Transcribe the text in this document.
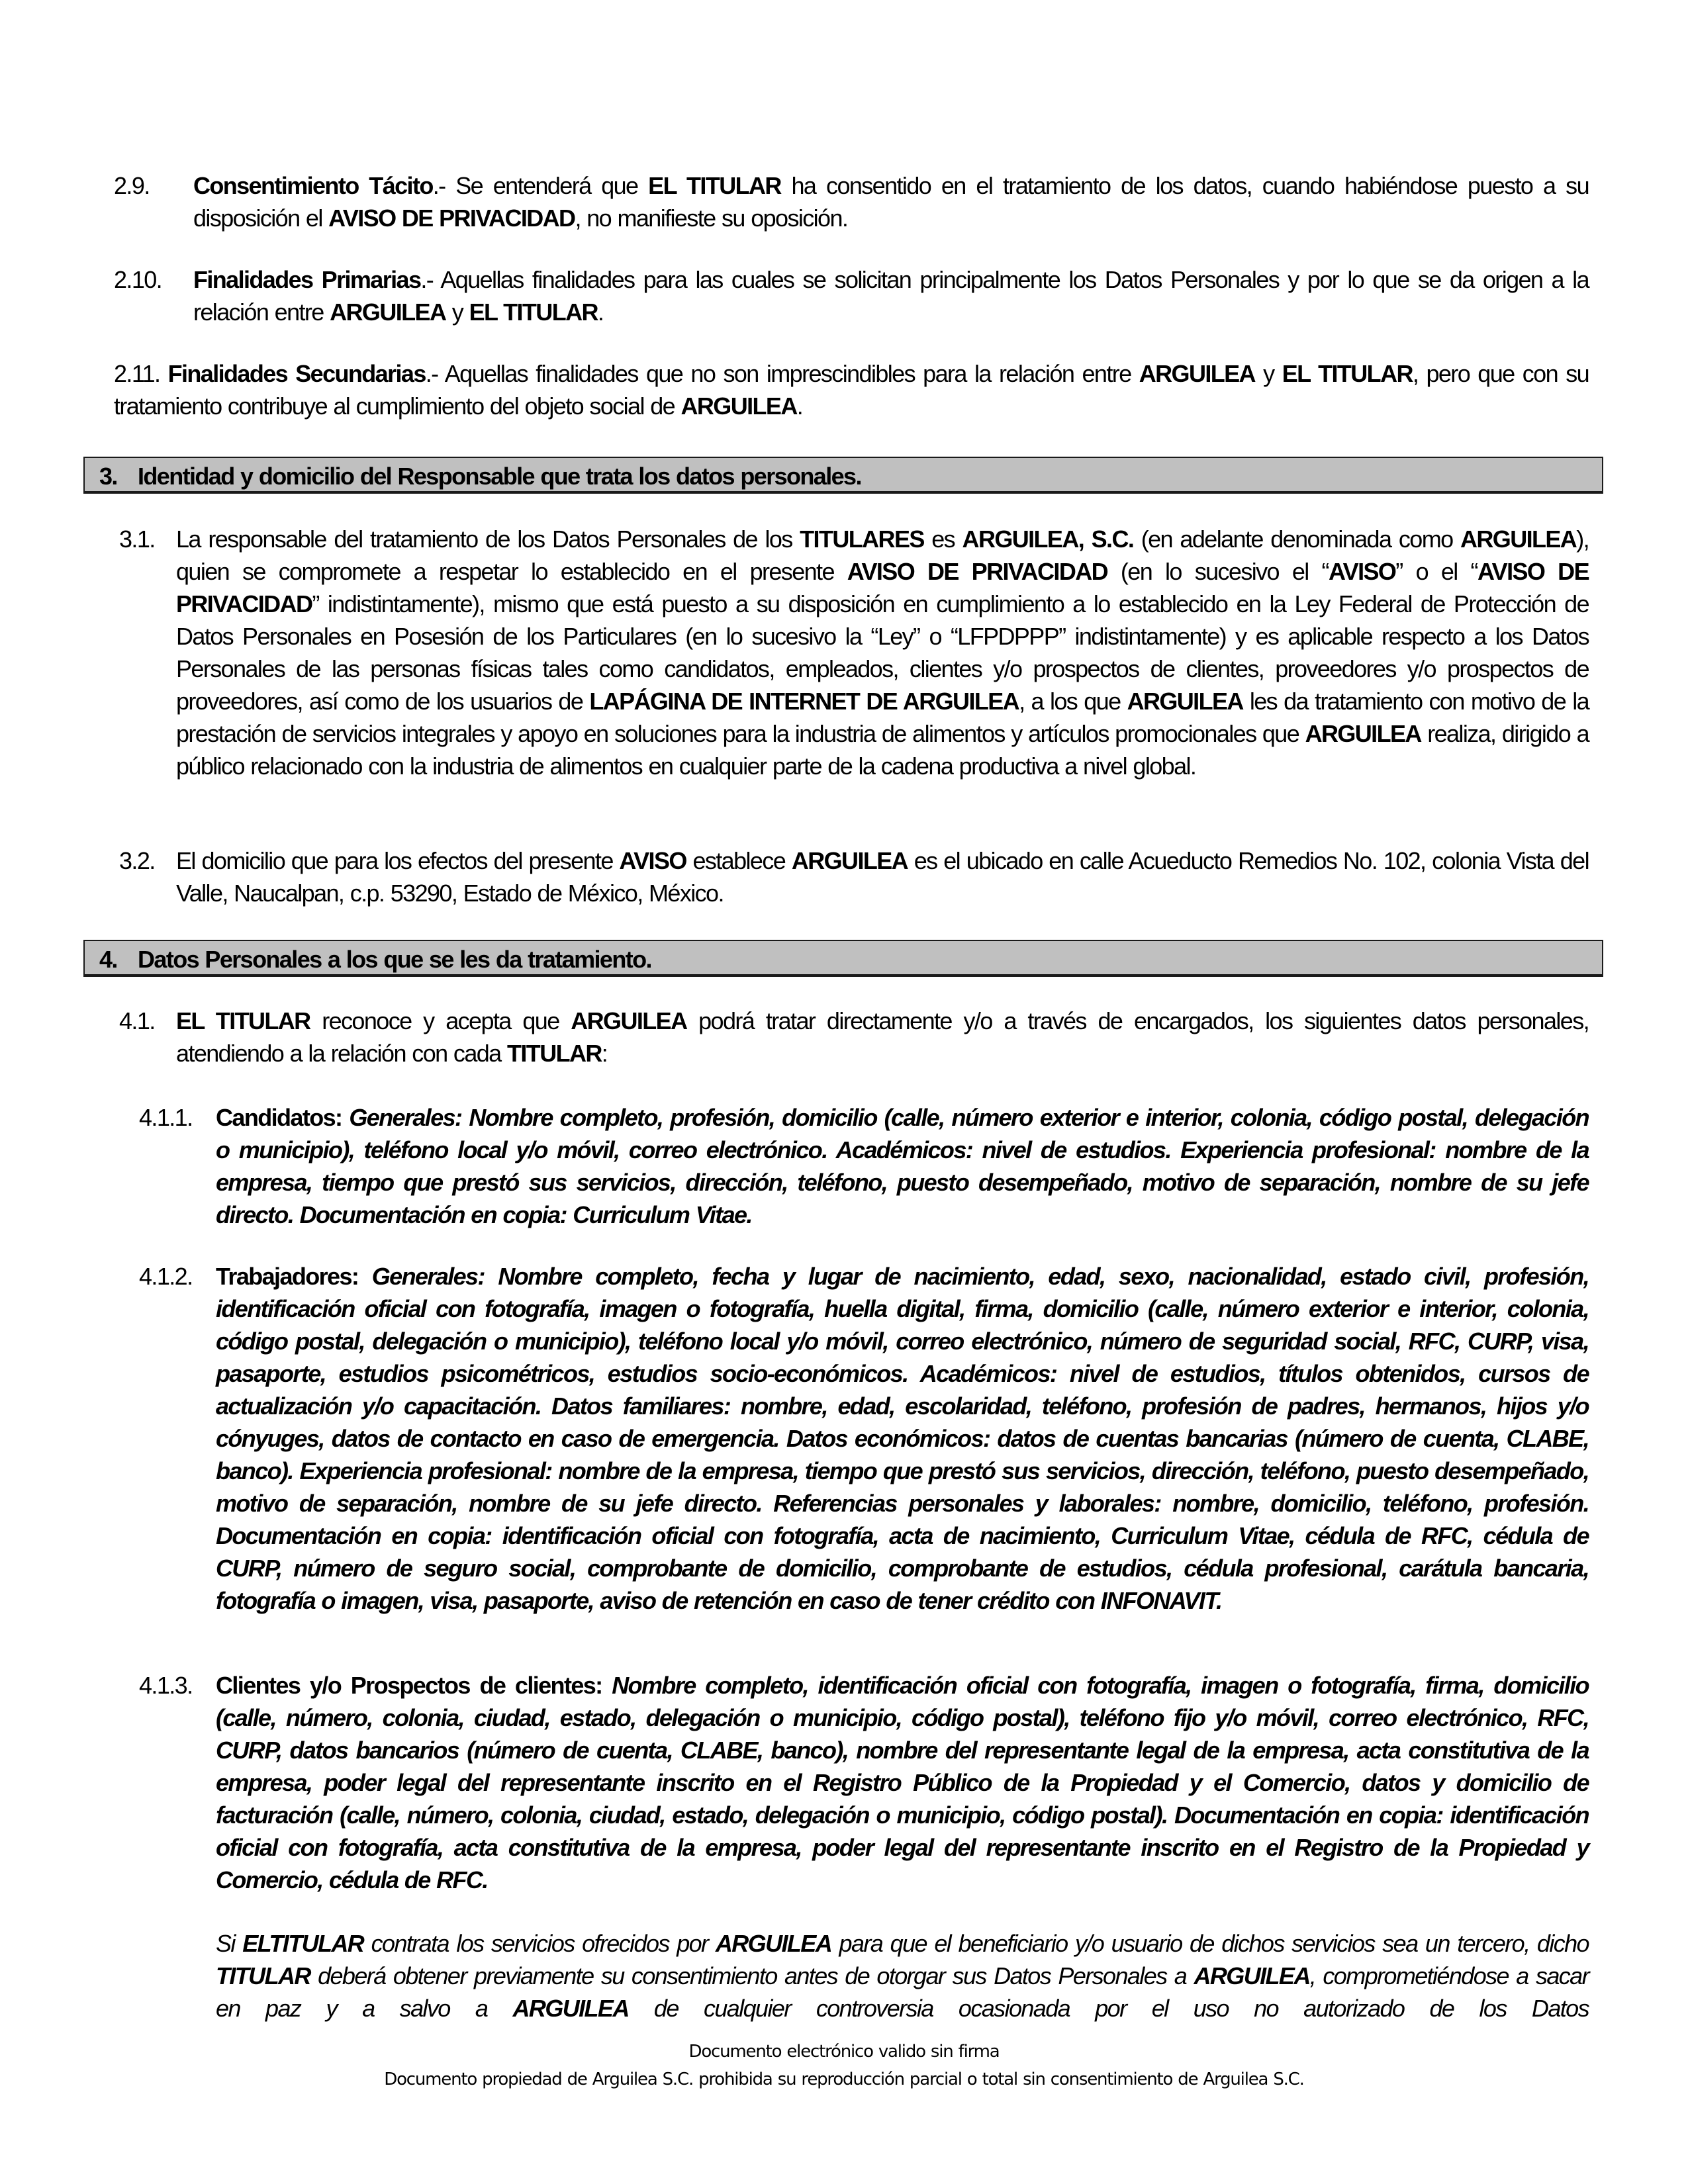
2.9. Consentimiento Tácito.- Se entenderá que EL TITULAR ha consentido en el tratamiento de los datos, cuando habiéndose puesto a su disposición el AVISO DE PRIVACIDAD, no manifieste su oposición.
2.10. Finalidades Primarias.- Aquellas finalidades para las cuales se solicitan principalmente los Datos Personales y por lo que se da origen a la relación entre ARGUILEA y EL TITULAR.
2.11. Finalidades Secundarias.- Aquellas finalidades que no son imprescindibles para la relación entre ARGUILEA y EL TITULAR, pero que con su tratamiento contribuye al cumplimiento del objeto social de ARGUILEA.
3. Identidad y domicilio del Responsable que trata los datos personales.
3.1. La responsable del tratamiento de los Datos Personales de los TITULARES es ARGUILEA, S.C. (en adelante denominada como ARGUILEA), quien se compromete a respetar lo establecido en el presente AVISO DE PRIVACIDAD (en lo sucesivo el “AVISO” o el “AVISO DE PRIVACIDAD” indistintamente), mismo que está puesto a su disposición en cumplimiento a lo establecido en la Ley Federal de Protección de Datos Personales en Posesión de los Particulares (en lo sucesivo la “Ley” o “LFPDPPP” indistintamente) y es aplicable respecto a los Datos Personales de las personas físicas tales como candidatos, empleados, clientes y/o prospectos de clientes, proveedores y/o prospectos de proveedores, así como de los usuarios de LAPÁGINA DE INTERNET DE ARGUILEA, a los que ARGUILEA les da tratamiento con motivo de la prestación de servicios integrales y apoyo en soluciones para la industria de alimentos y artículos promocionales que ARGUILEA realiza, dirigido a público relacionado con la industria de alimentos en cualquier parte de la cadena productiva a nivel global.
3.2. El domicilio que para los efectos del presente AVISO establece ARGUILEA es el ubicado en calle Acueducto Remedios No. 102, colonia Vista del Valle, Naucalpan, c.p. 53290, Estado de México, México.
4. Datos Personales a los que se les da tratamiento.
4.1. EL TITULAR reconoce y acepta que ARGUILEA podrá tratar directamente y/o a través de encargados, los siguientes datos personales, atendiendo a la relación con cada TITULAR:
4.1.1. Candidatos: Generales: Nombre completo, profesión, domicilio (calle, número exterior e interior, colonia, código postal, delegación o municipio), teléfono local y/o móvil, correo electrónico. Académicos: nivel de estudios. Experiencia profesional: nombre de la empresa, tiempo que prestó sus servicios, dirección, teléfono, puesto desempeñado, motivo de separación, nombre de su jefe directo. Documentación en copia: Curriculum Vitae.
4.1.2. Trabajadores: Generales: Nombre completo, fecha y lugar de nacimiento, edad, sexo, nacionalidad, estado civil, profesión, identificación oficial con fotografía, imagen o fotografía, huella digital, firma, domicilio (calle, número exterior e interior, colonia, código postal, delegación o municipio), teléfono local y/o móvil, correo electrónico, número de seguridad social, RFC, CURP, visa, pasaporte, estudios psicométricos, estudios socio-económicos. Académicos: nivel de estudios, títulos obtenidos, cursos de actualización y/o capacitación. Datos familiares: nombre, edad, escolaridad, teléfono, profesión de padres, hermanos, hijos y/o cónyuges, datos de contacto en caso de emergencia. Datos económicos: datos de cuentas bancarias (número de cuenta, CLABE, banco). Experiencia profesional: nombre de la empresa, tiempo que prestó sus servicios, dirección, teléfono, puesto desempeñado, motivo de separación, nombre de su jefe directo. Referencias personales y laborales: nombre, domicilio, teléfono, profesión. Documentación en copia: identificación oficial con fotografía, acta de nacimiento, Curriculum Vitae, cédula de RFC, cédula de CURP, número de seguro social, comprobante de domicilio, comprobante de estudios, cédula profesional, carátula bancaria, fotografía o imagen, visa, pasaporte, aviso de retención en caso de tener crédito con INFONAVIT.
4.1.3. Clientes y/o Prospectos de clientes: Nombre completo, identificación oficial con fotografía, imagen o fotografía, firma, domicilio (calle, número, colonia, ciudad, estado, delegación o municipio, código postal), teléfono fijo y/o móvil, correo electrónico, RFC, CURP, datos bancarios (número de cuenta, CLABE, banco), nombre del representante legal de la empresa, acta constitutiva de la empresa, poder legal del representante inscrito en el Registro Público de la Propiedad y el Comercio, datos y domicilio de facturación (calle, número, colonia, ciudad, estado, delegación o municipio, código postal). Documentación en copia: identificación oficial con fotografía, acta constitutiva de la empresa, poder legal del representante inscrito en el Registro de la Propiedad y Comercio, cédula de RFC.
Si ELTITULAR contrata los servicios ofrecidos por ARGUILEA para que el beneficiario y/o usuario de dichos servicios sea un tercero, dicho TITULAR deberá obtener previamente su consentimiento antes de otorgar sus Datos Personales a ARGUILEA, comprometiéndose a sacar en paz y a salvo a ARGUILEA de cualquier controversia ocasionada por el uso no autorizado de los Datos
Documento electrónico valido sin firma
Documento propiedad de Arguilea S.C. prohibida su reproducción parcial o total sin consentimiento de Arguilea S.C.
